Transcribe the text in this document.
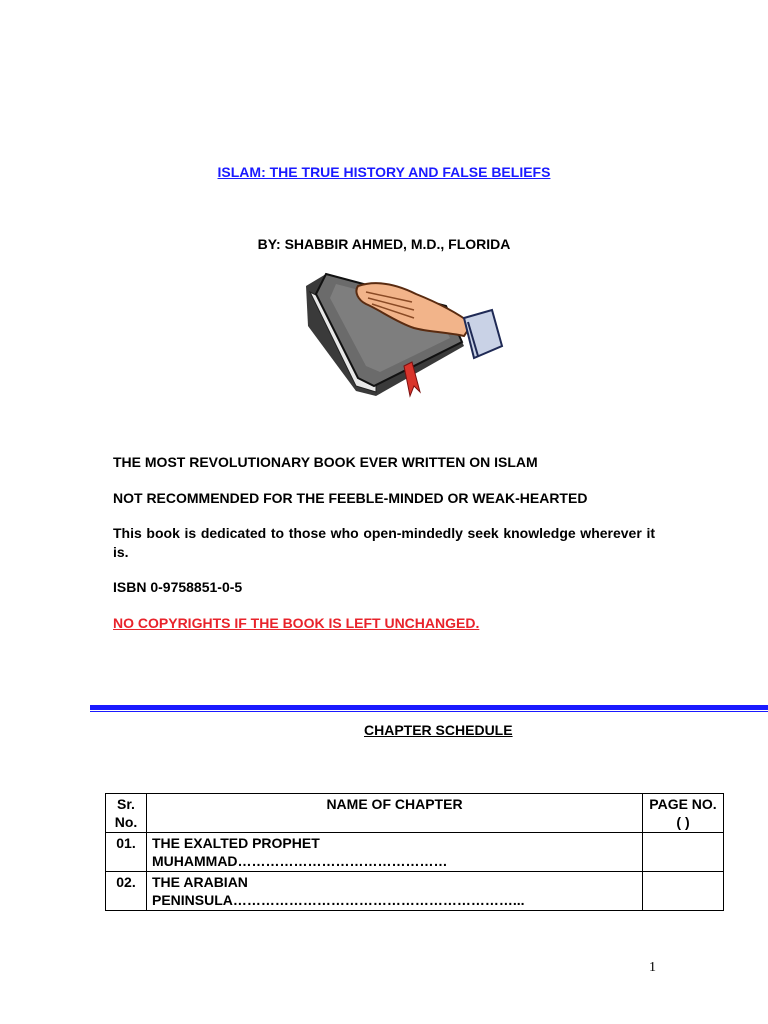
ISLAM: THE TRUE HISTORY AND FALSE BELIEFS
BY: SHABBIR AHMED, M.D., FLORIDA
THE MOST REVOLUTIONARY BOOK EVER WRITTEN ON ISLAM
NOT RECOMMENDED FOR THE FEEBLE-MINDED OR WEAK-HEARTED
This book is dedicated to those who open-mindedly seek knowledge wherever it is.
ISBN 0-9758851-0-5
NO COPYRIGHTS IF THE BOOK IS LEFT UNCHANGED.
CHAPTER SCHEDULE
Sr. No.	NAME OF CHAPTER	PAGE NO. ( )
01.	THE EXALTED PROPHET
MUHAMMAD………………………………………	

02.	THE ARABIAN
PENINSULA……………………………………………………...	

1
